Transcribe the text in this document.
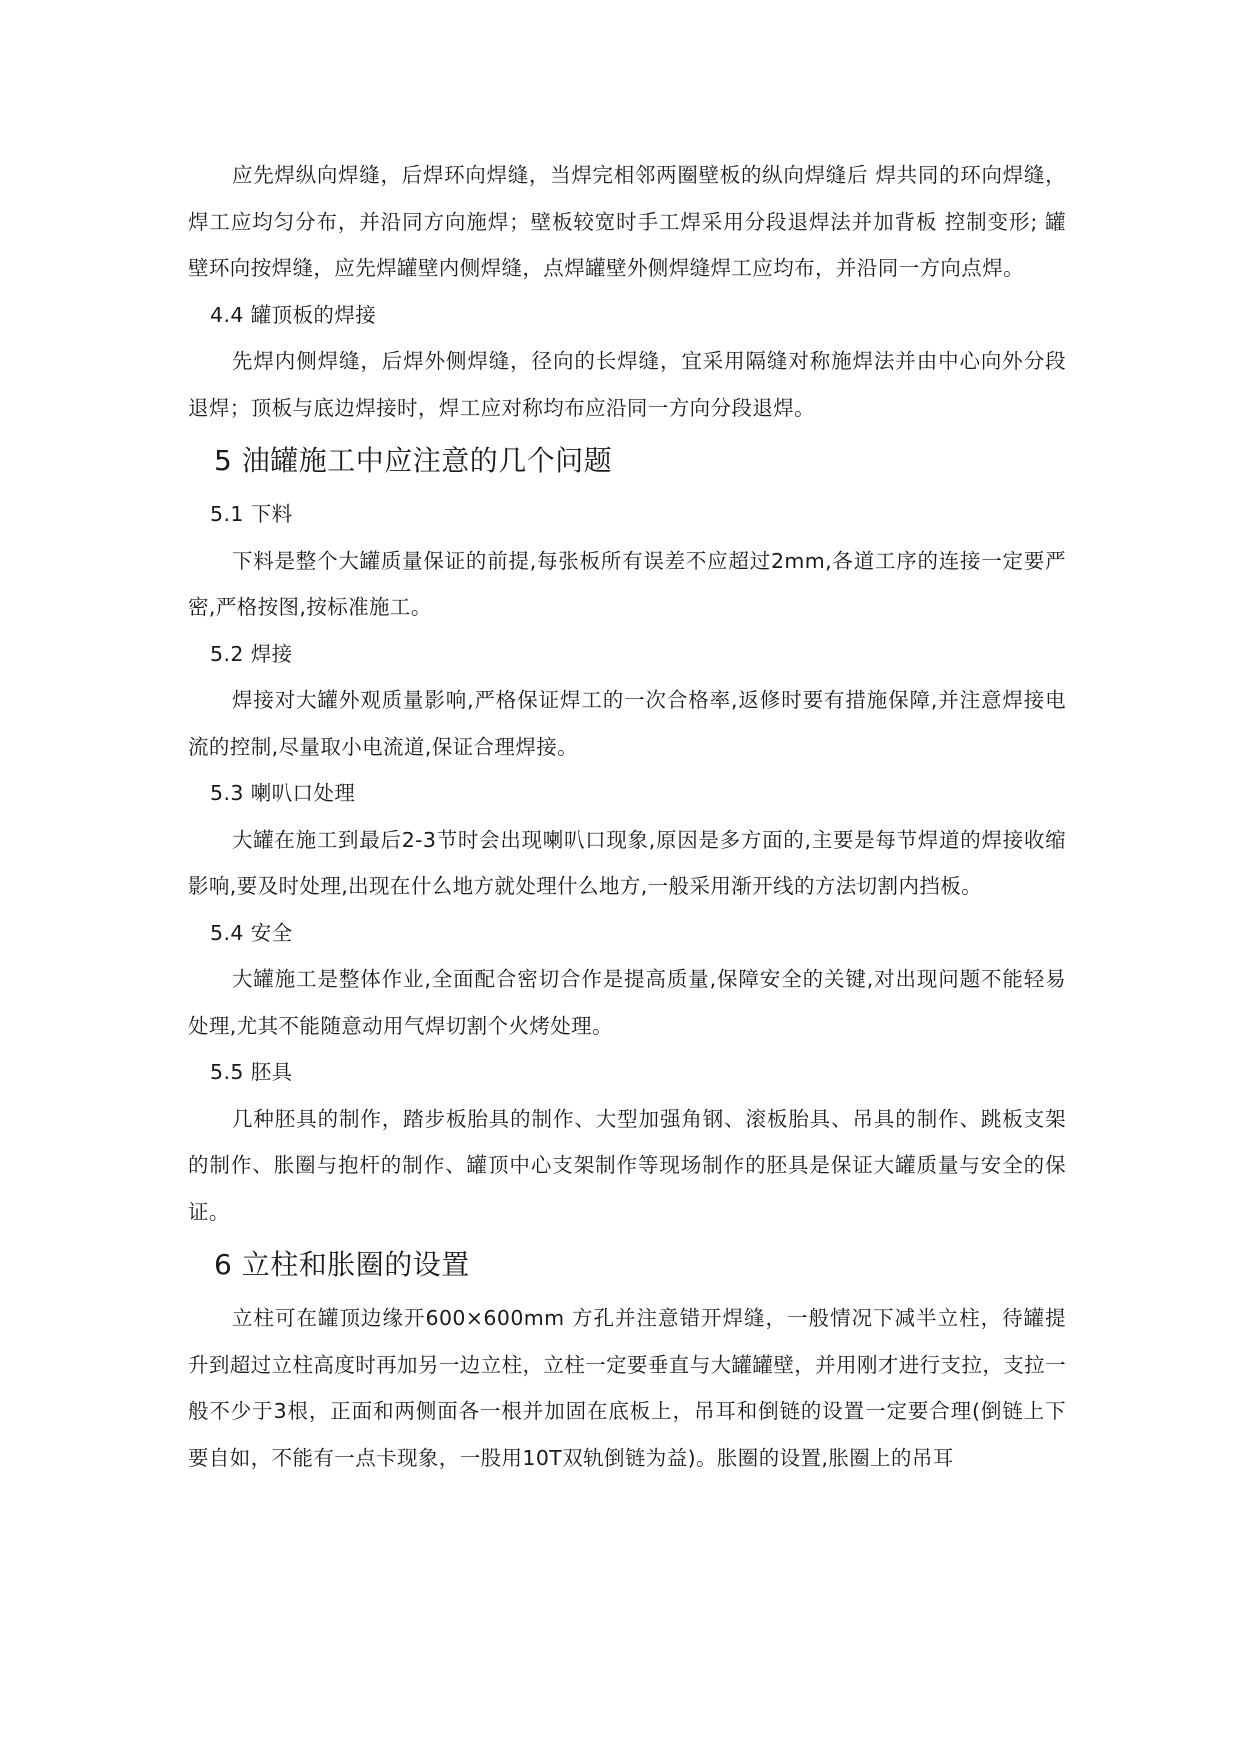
应先焊纵向焊缝，后焊环向焊缝，当焊完相邻两圈壁板的纵向焊缝后 焊共同的环向焊缝，焊工应均匀分布，并沿同方向施焊；壁板较宽时手工焊采用分段退焊法并加背板 控制变形; 罐壁环向按焊缝，应先焊罐壁内侧焊缝，点焊罐壁外侧焊缝焊工应均布，并沿同一方向点焊。

4.4 罐顶板的焊接

先焊内侧焊缝，后焊外侧焊缝，径向的长焊缝，宜采用隔缝对称施焊法并由中心向外分段退焊；顶板与底边焊接时，焊工应对称均布应沿同一方向分段退焊。

5 油罐施工中应注意的几个问题

5.1 下料

下料是整个大罐质量保证的前提,每张板所有误差不应超过2mm,各道工序的连接一定要严密,严格按图,按标准施工。

5.2 焊接

焊接对大罐外观质量影响,严格保证焊工的一次合格率,返修时要有措施保障,并注意焊接电流的控制,尽量取小电流道,保证合理焊接。

5.3 喇叭口处理

大罐在施工到最后2-3节时会出现喇叭口现象,原因是多方面的,主要是每节焊道的焊接收缩影响,要及时处理,出现在什么地方就处理什么地方,一般采用渐开线的方法切割内挡板。

5.4 安全

大罐施工是整体作业,全面配合密切合作是提高质量,保障安全的关键,对出现问题不能轻易处理,尤其不能随意动用气焊切割个火烤处理。

5.5 胚具

几种胚具的制作，踏步板胎具的制作、大型加强角钢、滚板胎具、吊具的制作、跳板支架的制作、胀圈与抱杆的制作、罐顶中心支架制作等现场制作的胚具是保证大罐质量与安全的保证。

6 立柱和胀圈的设置

立柱可在罐顶边缘开600×600mm 方孔并注意错开焊缝，一般情况下减半立柱，待罐提升到超过立柱高度时再加另一边立柱，立柱一定要垂直与大罐罐壁，并用刚才进行支拉，支拉一般不少于3根，正面和两侧面各一根并加固在底板上，吊耳和倒链的设置一定要合理(倒链上下要自如，不能有一点卡现象，一股用10T双轨倒链为益)。胀圈的设置,胀圈上的吊耳
